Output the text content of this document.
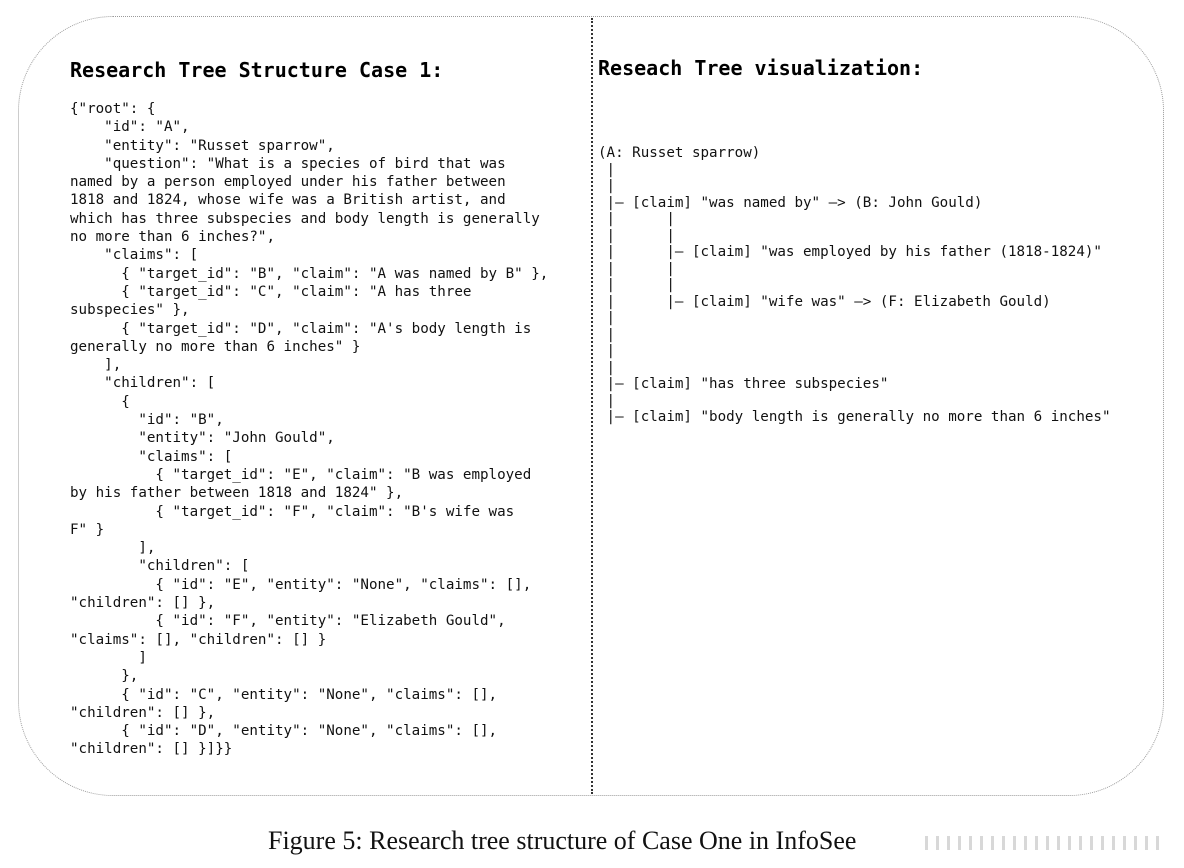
Research Tree Structure Case 1:
{"root": {
"id": "A",
"entity": "Russet sparrow",
"question": "What is a species of bird that was
named by a person employed under his father between
1818 and 1824, whose wife was a British artist, and
which has three subspecies and body length is generally
no more than 6 inches?",
"claims": [
{ "target_id": "B", "claim": "A was named by B" },
{ "target_id": "C", "claim": "A has three
subspecies" },
{ "target_id": "D", "claim": "A's body length is
generally no more than 6 inches" }
],
"children": [
{
"id": "B",
"entity": "John Gould",
"claims": [
{ "target_id": "E", "claim": "B was employed
by his father between 1818 and 1824" },
{ "target_id": "F", "claim": "B's wife was
F" }
],
"children": [
{ "id": "E", "entity": "None", "claims": [],
"children": [] },
{ "id": "F", "entity": "Elizabeth Gould",
"claims": [], "children": [] }
]
},
{ "id": "C", "entity": "None", "claims": [],
"children": [] },
{ "id": "D", "entity": "None", "claims": [],
"children": [] }]}}
Reseach Tree visualization:
(A: Russet sparrow)
|
|
|— [claim] "was named by" —> (B: John Gould)
|      |
|      |
|      |— [claim] "was employed by his father (1818-1824)"
|      |
|      |
|      |— [claim] "wife was" —> (F: Elizabeth Gould)
|
|
|
|
|— [claim] "has three subspecies"
|
|— [claim] "body length is generally no more than 6 inches"
Figure 5: Research tree structure of Case One in InfoSee
